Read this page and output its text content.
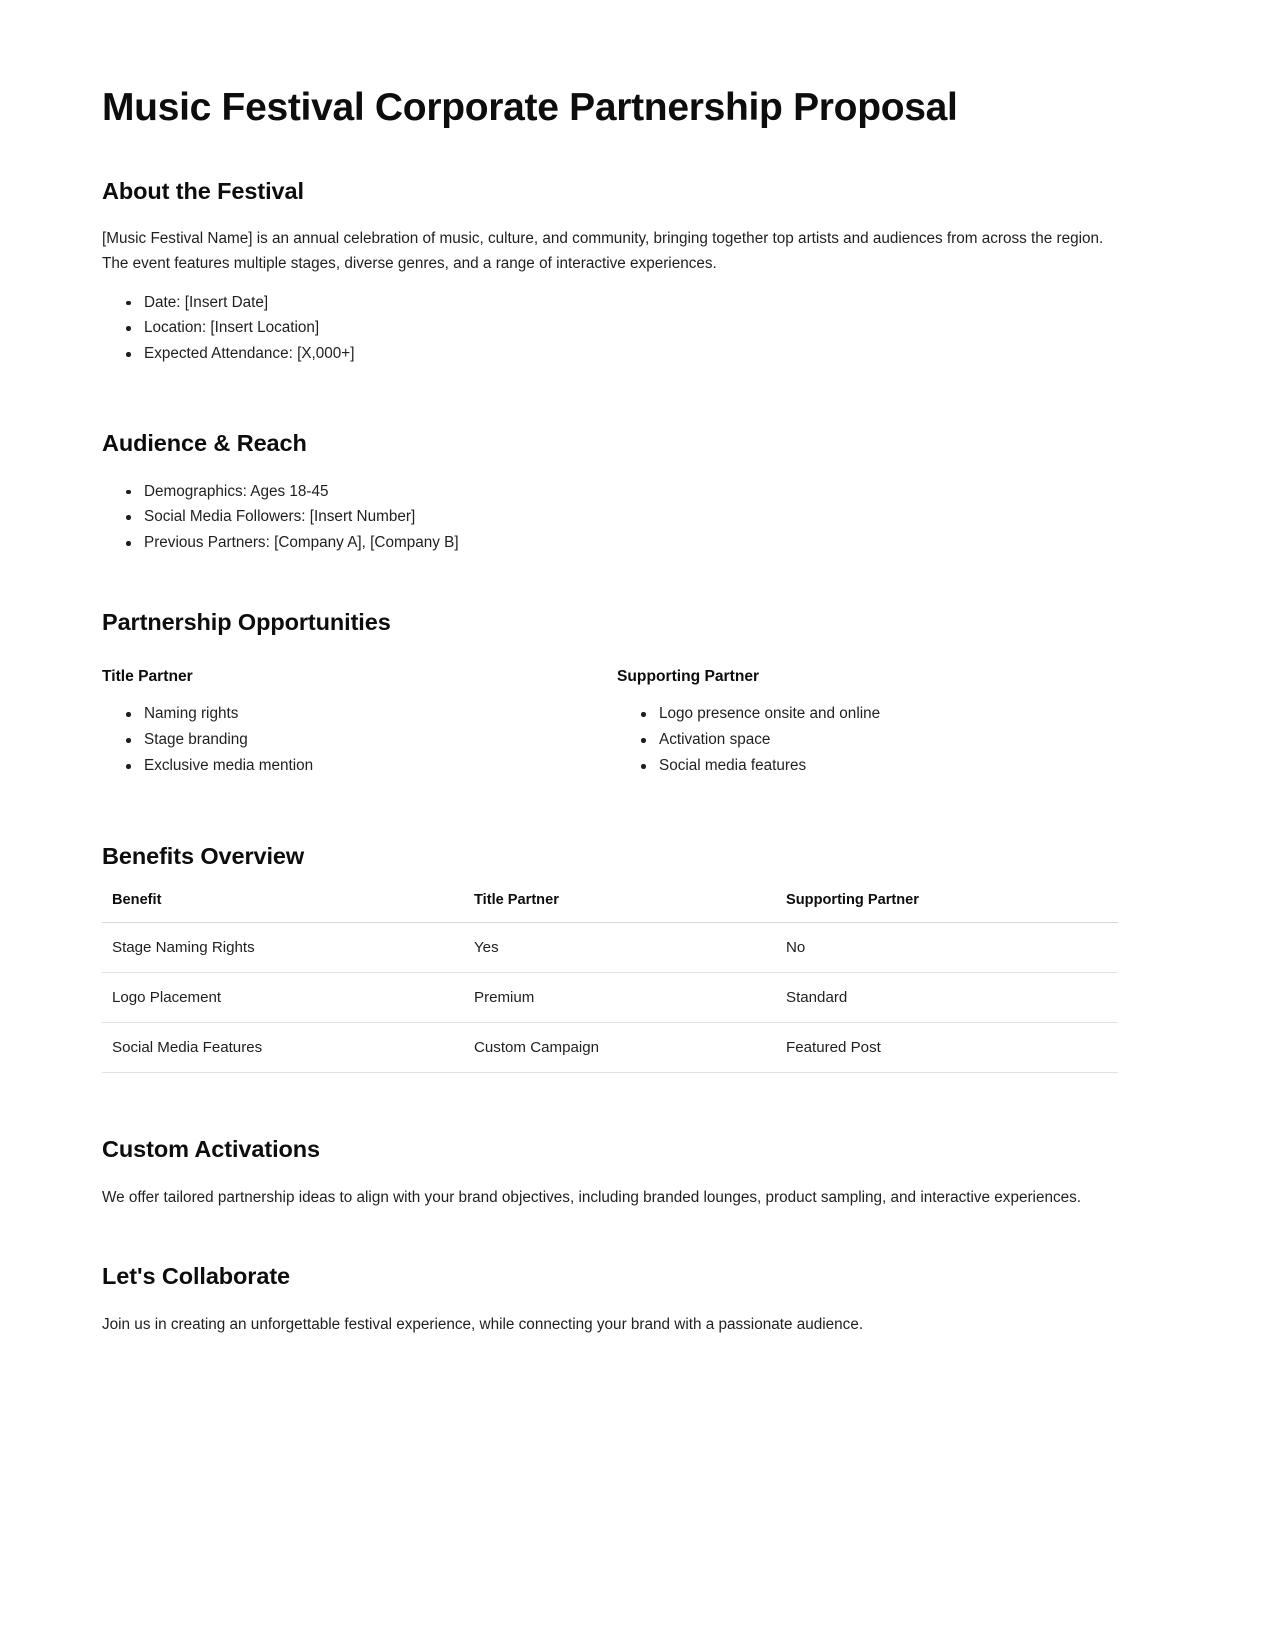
Music Festival Corporate Partnership Proposal
About the Festival

[Music Festival Name] is an annual celebration of music, culture, and community, bringing together top artists and audiences from across the region. The event features multiple stages, diverse genres, and a range of interactive experiences.

Date: [Insert Date]
Location: [Insert Location]
Expected Attendance: [X,000+]
Audience & Reach
Demographics: Ages 18-45
Social Media Followers: [Insert Number]
Previous Partners: [Company A], [Company B]
Partnership Opportunities
Title Partner
Naming rights
Stage branding
Exclusive media mention
Supporting Partner
Logo presence onsite and online
Activation space
Social media features
Benefits Overview
Benefit	Title Partner	Supporting Partner
Stage Naming Rights	Yes	No
Logo Placement	Premium	Standard
Social Media Features	Custom Campaign	Featured Post
Custom Activations

We offer tailored partnership ideas to align with your brand objectives, including branded lounges, product sampling, and interactive experiences.

Let's Collaborate

Join us in creating an unforgettable festival experience, while connecting your brand with a passionate audience.
